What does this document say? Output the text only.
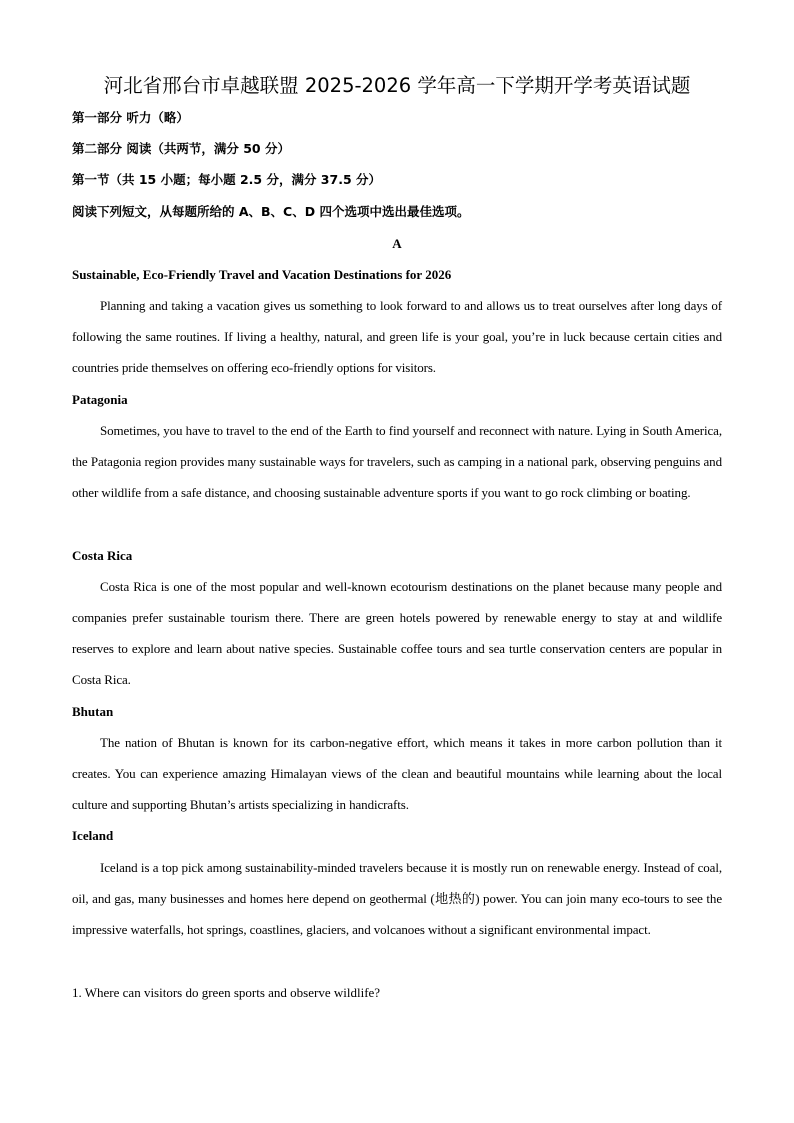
河北省邢台市卓越联盟 2025-2026 学年高一下学期开学考英语试题
第一部分 听力（略）
第二部分 阅读（共两节，满分 50 分）
第一节（共 15 小题；每小题 2.5 分，满分 37.5 分）
阅读下列短文，从每题所给的 A、B、C、D 四个选项中选出最佳选项。
A
Sustainable, Eco-Friendly Travel and Vacation Destinations for 2026
Planning and taking a vacation gives us something to look forward to and allows us to treat ourselves after long days of following the same routines. If living a healthy, natural, and green life is your goal, you’re in luck because certain cities and countries pride themselves on offering eco-friendly options for visitors.
Patagonia
Sometimes, you have to travel to the end of the Earth to find yourself and reconnect with nature. Lying in South America, the Patagonia region provides many sustainable ways for travelers, such as camping in a national park, observing penguins and other wildlife from a safe distance, and choosing sustainable adventure sports if you want to go rock climbing or boating.
Costa Rica
Costa Rica is one of the most popular and well-known ecotourism destinations on the planet because many people and companies prefer sustainable tourism there. There are green hotels powered by renewable energy to stay at and wildlife reserves to explore and learn about native species. Sustainable coffee tours and sea turtle conservation centers are popular in Costa Rica.
Bhutan
The nation of Bhutan is known for its carbon-negative effort, which means it takes in more carbon pollution than it creates. You can experience amazing Himalayan views of the clean and beautiful mountains while learning about the local culture and supporting Bhutan’s artists specializing in handicrafts.
Iceland
Iceland is a top pick among sustainability-minded travelers because it is mostly run on renewable energy. Instead of coal, oil, and gas, many businesses and homes here depend on geothermal (地热的) power. You can join many eco-tours to see the impressive waterfalls, hot springs, coastlines, glaciers, and volcanoes without a significant environmental impact.
1. Where can visitors do green sports and observe wildlife?
